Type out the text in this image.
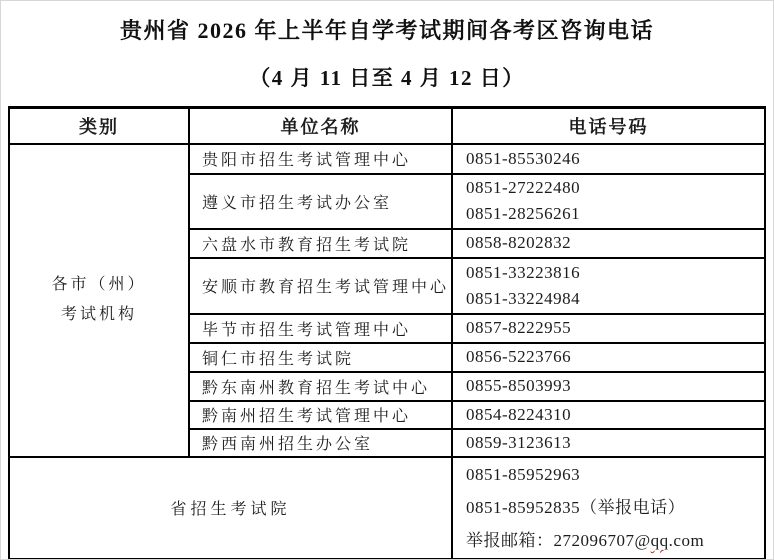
贵州省 2026 年上半年自学考试期间各考区咨询电话
（4 月 11 日至 4 月 12 日）
类别	单位名称	电话号码

各市（州）
考试机构	贵阳市招生考试管理中心	0851-85530246

	遵义市招生考试办公室	0851-27222480
0851-28256261

	六盘水市教育招生考试院	0858-8202832

	安顺市教育招生考试管理中心	0851-33223816
0851-33224984

	毕节市招生考试管理中心	0857-8222955

	铜仁市招生考试院	0856-5223766

	黔东南州教育招生考试中心	0855-8503993

	黔南州招生考试管理中心	0854-8224310

	黔西南州招生办公室	0859-3123613

省招生考试院		0851-85952963
0851-85952835（举报电话）
举报邮箱：272096707@qq.com
